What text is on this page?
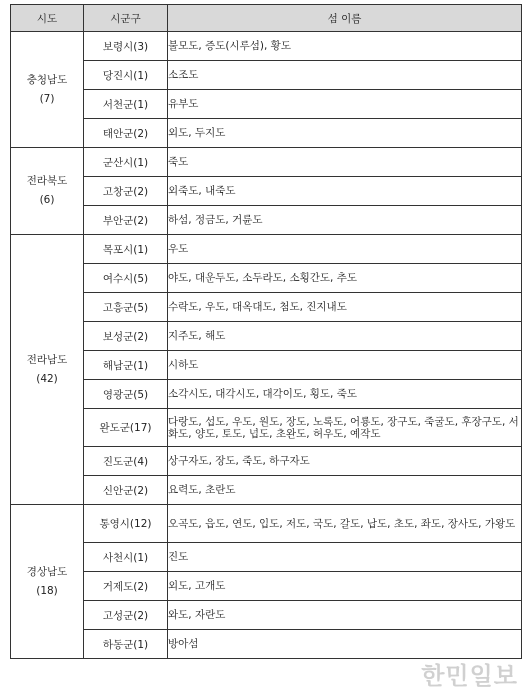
시도	시군구	섬 이름

충청남도
(7)	보령시(3)	불모도, 증도(시루섬), 황도
	당진시(1)	소조도
	서천군(1)	유부도
	태안군(2)	외도, 두지도

전라북도
(6)	군산시(1)	죽도
	고창군(2)	외죽도, 내죽도
	부안군(2)	하섬, 정금도, 거륜도

전라남도
(42)	목포시(1)	우도
	여수시(5)	야도, 대운두도, 소두라도, 소횡간도, 추도
	고흥군(5)	수락도, 우도, 대옥대도, 첨도, 진지내도
	보성군(2)	지주도, 해도
	해남군(1)	시하도
	영광군(5)	소각시도, 대각시도, 대각이도, 횡도, 죽도
	완도군(17)	다랑도, 섭도, 우도, 원도, 장도, 노록도, 어룡도, 장구도, 죽굴도, 후장구도, 서화도, 양도, 토도, 넙도, 초완도, 허우도, 예작도
	진도군(4)	상구자도, 장도, 죽도, 하구자도
	신안군(2)	요력도, 초란도

경상남도
(18)	통영시(12)	오곡도, 읍도, 연도, 입도, 저도, 국도, 갈도, 납도, 초도, 좌도, 장사도, 가왕도
	사천시(1)	진도
	거제도(2)	외도, 고개도
	고성군(2)	와도, 자란도
	하동군(1)	방아섬
한민일보
